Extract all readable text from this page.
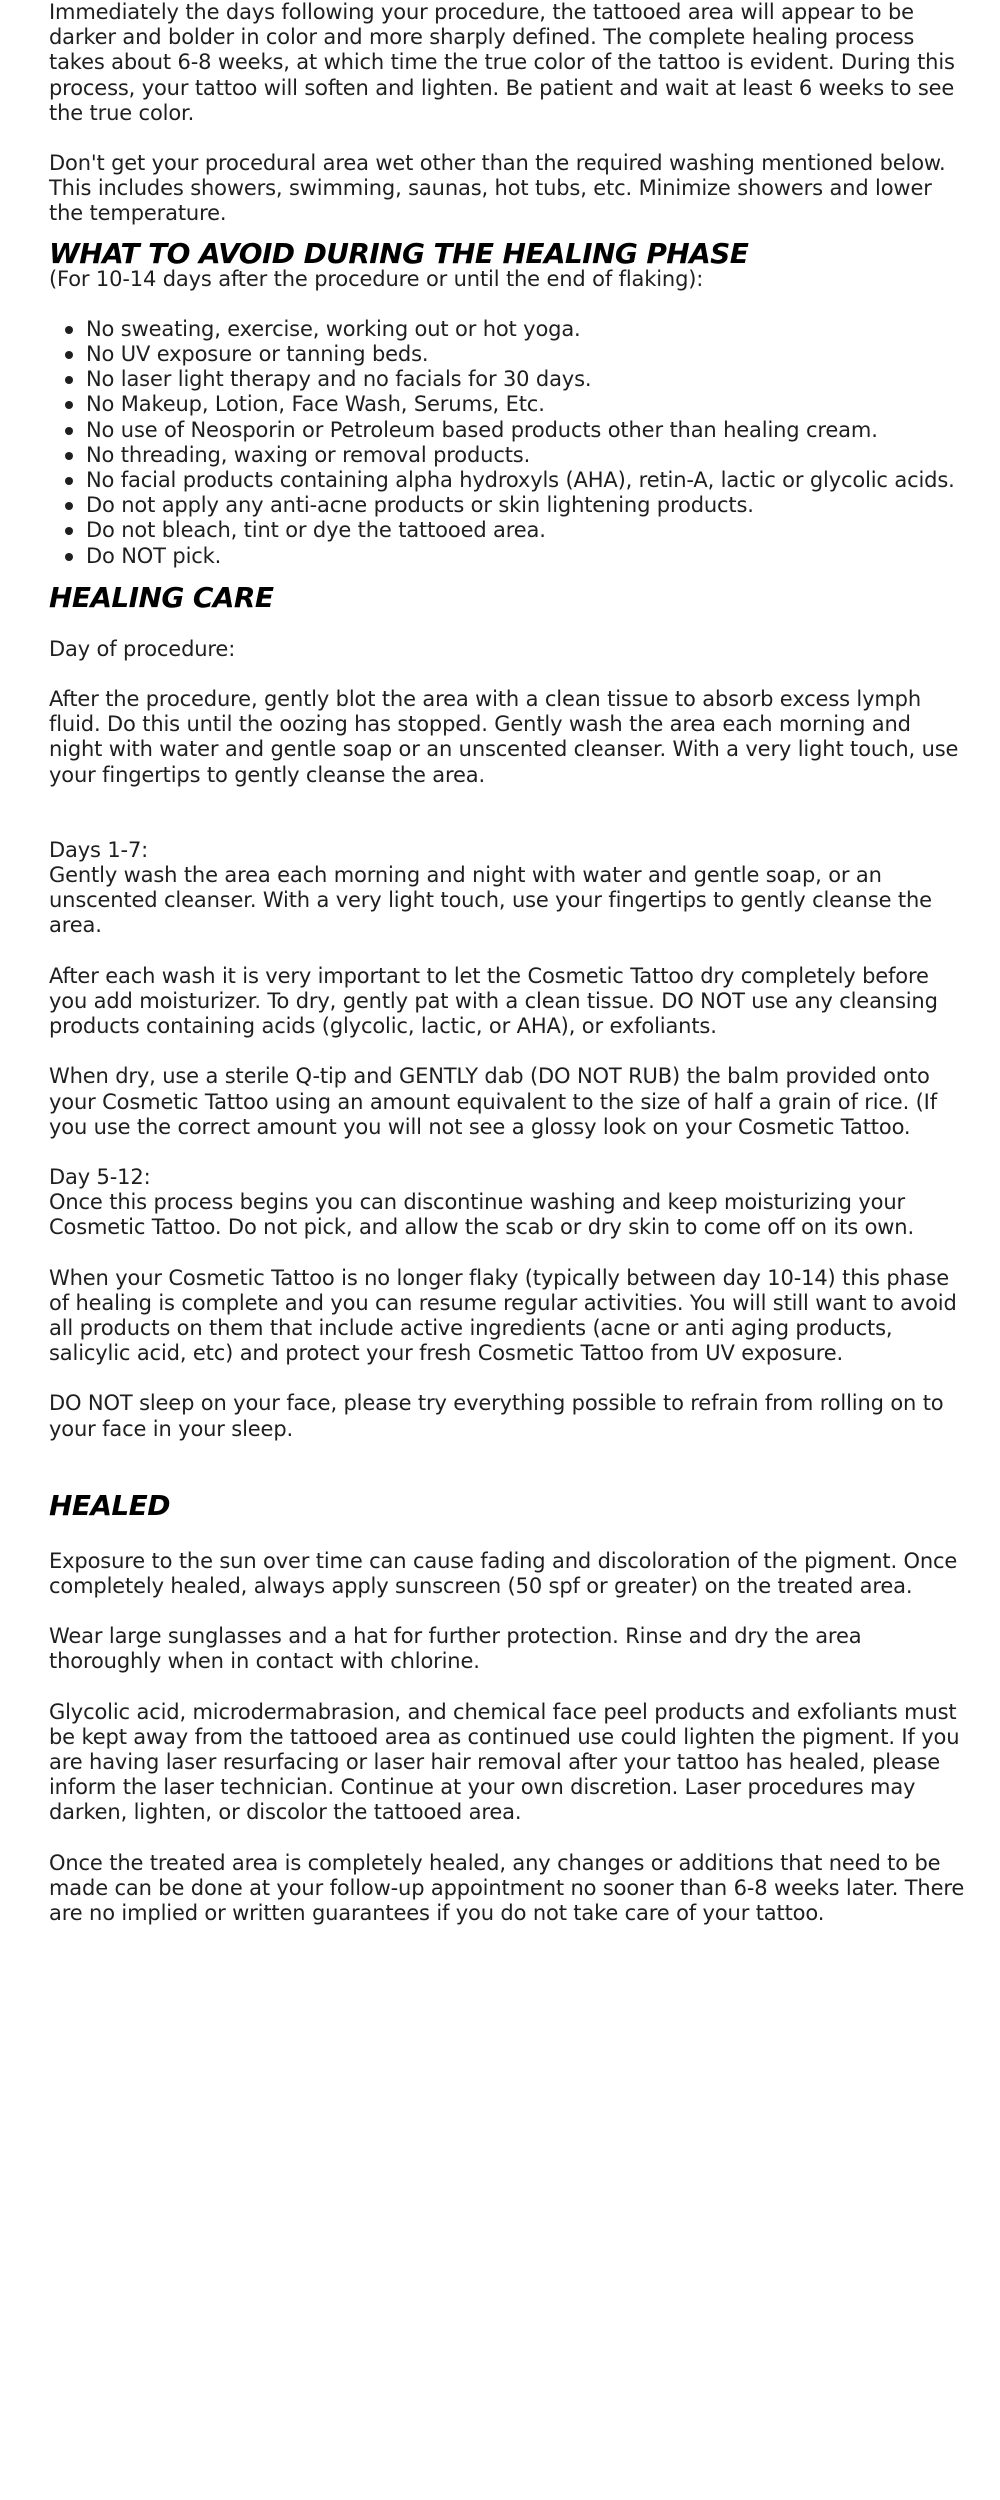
Immediately the days following your procedure, the tattooed area will appear to be darker and bolder in color and more sharply defined. The complete healing process takes about 6-8 weeks, at which time the true color of the tattoo is evident. During this process, your tattoo will soften and lighten. Be patient and wait at least 6 weeks to see the true color.

Don't get your procedural area wet other than the required washing mentioned below. This includes showers, swimming, saunas, hot tubs, etc. Minimize showers and lower the temperature.

WHAT TO AVOID DURING THE HEALING PHASE

(For 10-14 days after the procedure or until the end of flaking):

No sweating, exercise, working out or hot yoga.
No UV exposure or tanning beds.
No laser light therapy and no facials for 30 days.
No Makeup, Lotion, Face Wash, Serums, Etc.
No use of Neosporin or Petroleum based products other than healing cream.
No threading, waxing or removal products.
No facial products containing alpha hydroxyls (AHA), retin-A, lactic or glycolic acids.
Do not apply any anti-acne products or skin lightening products.
Do not bleach, tint or dye the tattooed area.
Do NOT pick.
HEALING CARE

Day of procedure:

After the procedure, gently blot the area with a clean tissue to absorb excess lymph fluid. Do this until the oozing has stopped. Gently wash the area each morning and night with water and gentle soap or an unscented cleanser. With a very light touch, use your fingertips to gently cleanse the area.

Days 1-7:

Gently wash the area each morning and night with water and gentle soap, or an unscented cleanser. With a very light touch, use your fingertips to gently cleanse the area.

After each wash it is very important to let the Cosmetic Tattoo dry completely before you add moisturizer. To dry, gently pat with a clean tissue. DO NOT use any cleansing products containing acids (glycolic, lactic, or AHA), or exfoliants.

When dry, use a sterile Q-tip and GENTLY dab (DO NOT RUB) the balm provided onto your Cosmetic Tattoo using an amount equivalent to the size of half a grain of rice. (If you use the correct amount you will not see a glossy look on your Cosmetic Tattoo.

Day 5-12:

Once this process begins you can discontinue washing and keep moisturizing your Cosmetic Tattoo. Do not pick, and allow the scab or dry skin to come off on its own.

When your Cosmetic Tattoo is no longer flaky (typically between day 10-14) this phase of healing is complete and you can resume regular activities. You will still want to avoid all products on them that include active ingredients (acne or anti aging products, salicylic acid, etc) and protect your fresh Cosmetic Tattoo from UV exposure.

DO NOT sleep on your face, please try everything possible to refrain from rolling on to your face in your sleep.

HEALED

Exposure to the sun over time can cause fading and discoloration of the pigment. Once completely healed, always apply sunscreen (50 spf or greater) on the treated area.

Wear large sunglasses and a hat for further protection. Rinse and dry the area thoroughly when in contact with chlorine.

Glycolic acid, microdermabrasion, and chemical face peel products and exfoliants must be kept away from the tattooed area as continued use could lighten the pigment. If you are having laser resurfacing or laser hair removal after your tattoo has healed, please inform the laser technician. Continue at your own discretion. Laser procedures may darken, lighten, or discolor the tattooed area.

Once the treated area is completely healed, any changes or additions that need to be made can be done at your follow-up appointment no sooner than 6-8 weeks later. There are no implied or written guarantees if you do not take care of your tattoo.
